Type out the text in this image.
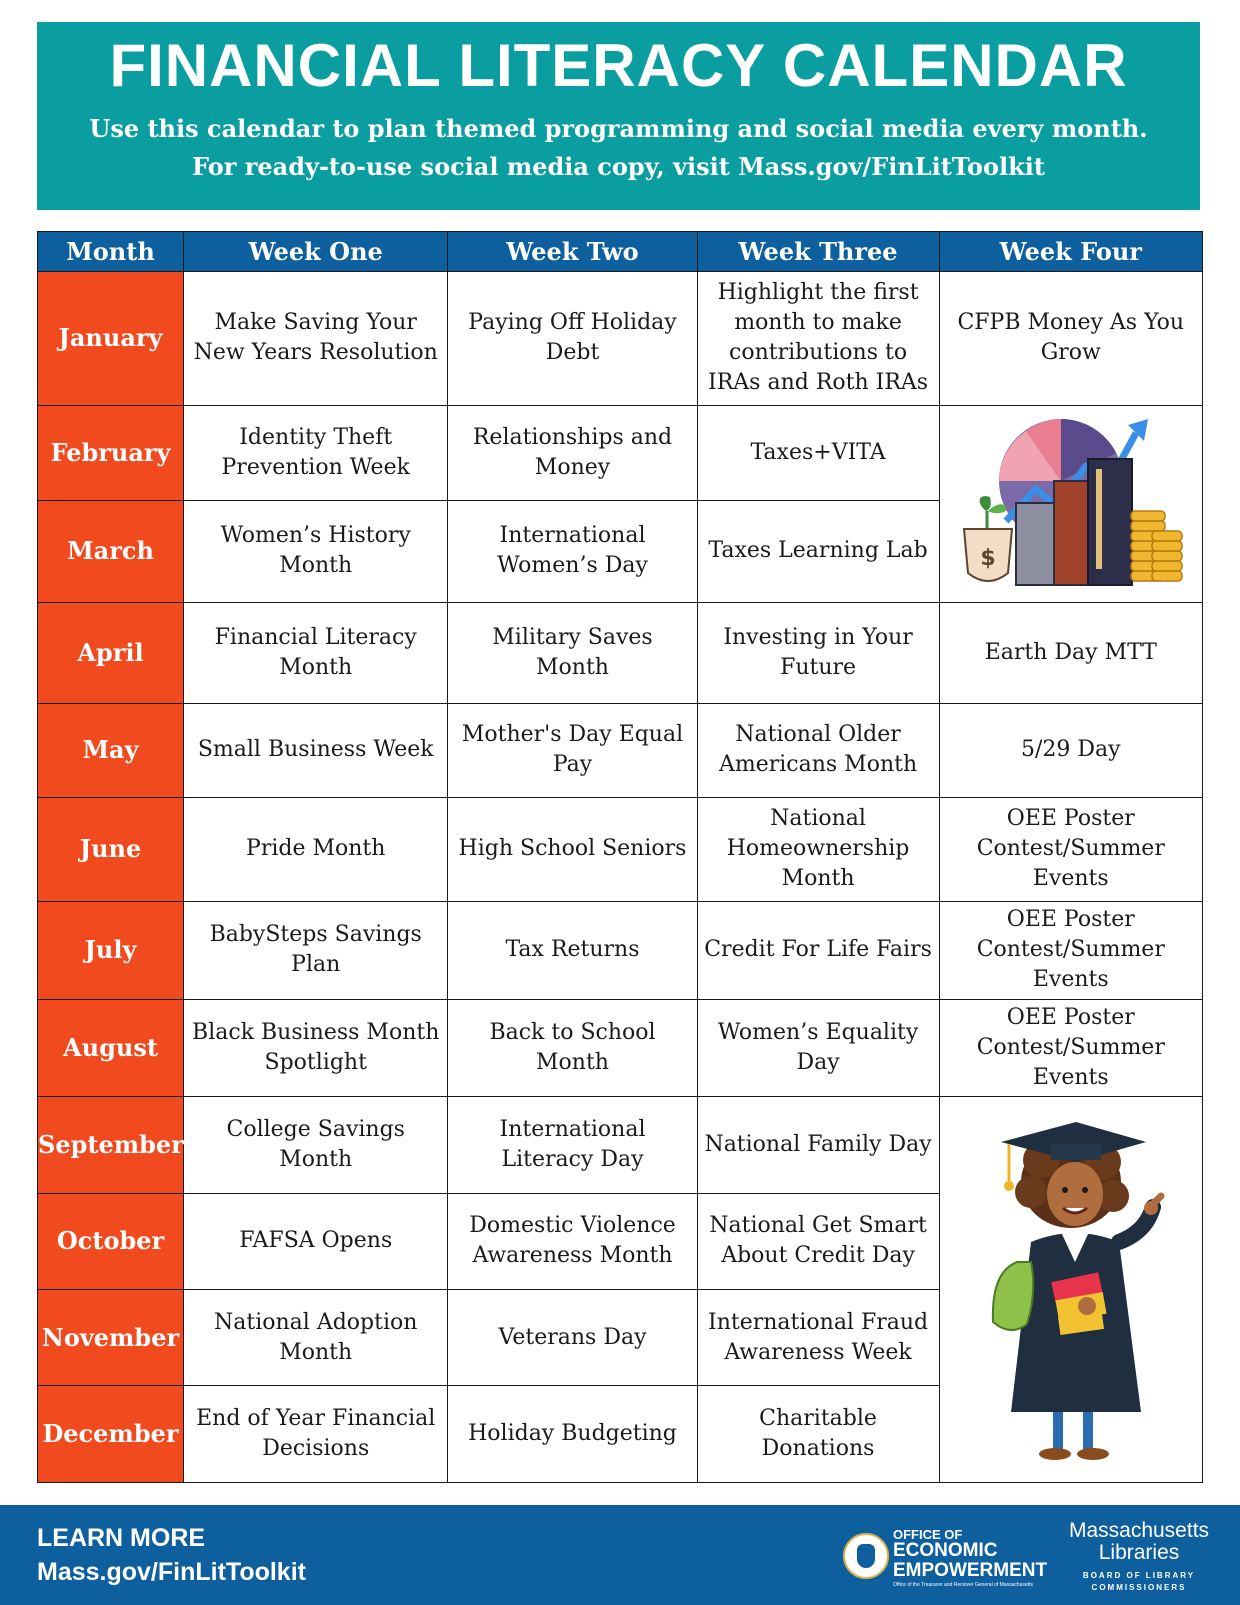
FINANCIAL LITERACY CALENDAR
Use this calendar to plan themed programming and social media every month.
For ready-to-use social media copy, visit Mass.gov/FinLitToolkit
Month	Week One	Week Two	Week Three	Week Four
January	Make Saving Your New Years Resolution	Paying Off Holiday Debt	Highlight the first month to make contributions to IRAs and Roth IRAs	CFPB Money As You Grow
February	Identity Theft Prevention Week	Relationships and Money	Taxes+VITA	$

March	Women’s History Month	International Women’s Day	Taxes Learning Lab	
April	Financial Literacy Month	Military Saves Month	Investing in Your Future	Earth Day MTT
May	Small Business Week	Mother's Day Equal Pay	National Older Americans Month	5/29 Day
June	Pride Month	High School Seniors	National Homeownership Month	OEE Poster Contest/Summer Events
July	BabySteps Savings Plan	Tax Returns	Credit For Life Fairs	OEE Poster Contest/Summer Events
August	Black Business Month Spotlight	Back to School Month	Women’s Equality Day	OEE Poster Contest/Summer Events
September	College Savings Month	International Literacy Day	National Family Day	

October	FAFSA Opens	Domestic Violence Awareness Month	National Get Smart About Credit Day	
November	National Adoption Month	Veterans Day	International Fraud Awareness Week	
December	End of Year Financial Decisions	Holiday Budgeting	Charitable Donations	
LEARN MORE
Mass.gov/FinLitToolkit
OFFICE OF
ECONOMIC
EMPOWERMENT
Office of the Treasurer and Receiver General of Massachusetts
Massachusetts
Libraries
BOARD OF LIBRARY COMMISSIONERS
